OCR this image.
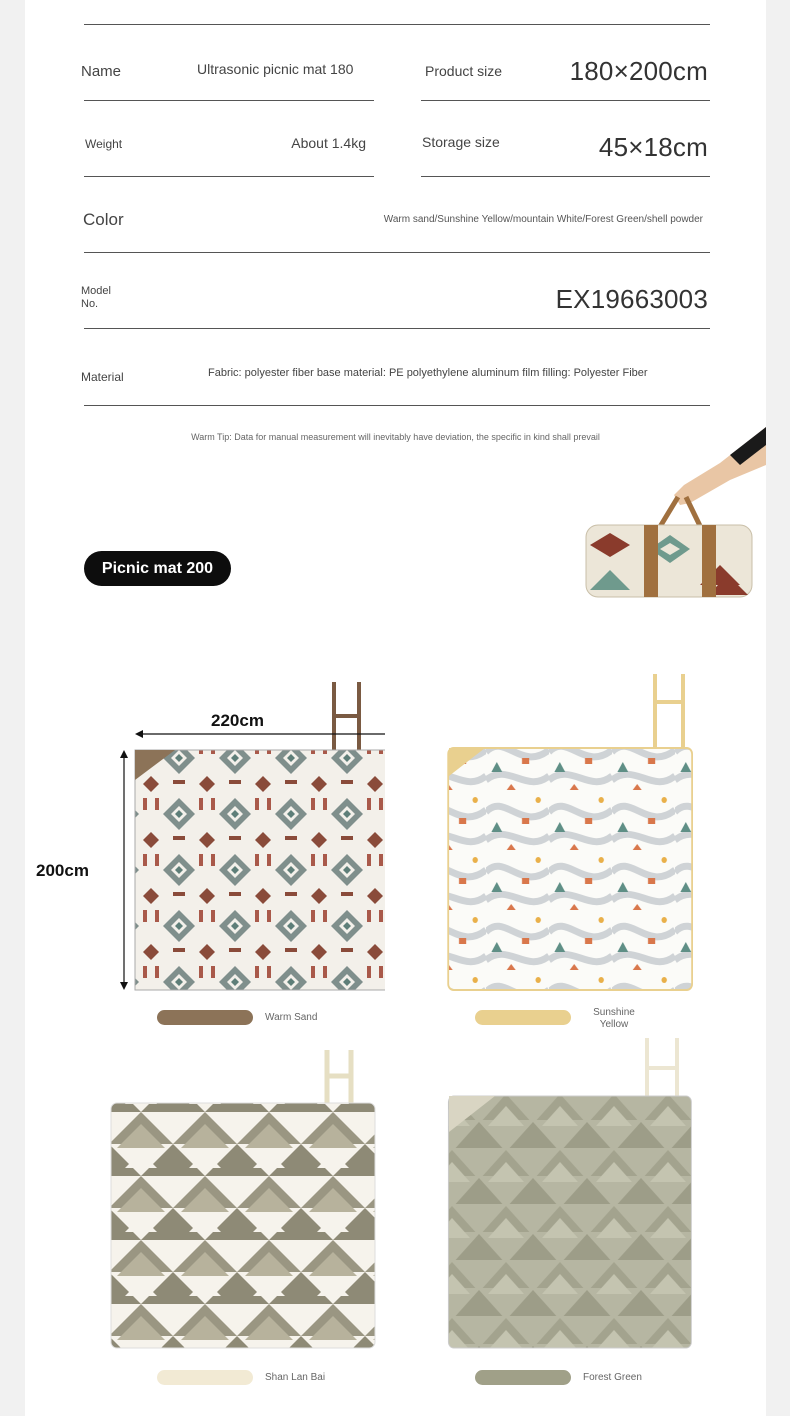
Name	Ultrasonic picnic mat 180	Product size	180×200cm
Weight	About 1.4kg	Storage size	45×18cm
Color	Warm sand/Sunshine Yellow/mountain White/Forest Green/shell powder
Model
No.	EX19663003
Material	Fabric: polyester fiber base material: PE polyethylene aluminum film filling: Polyester Fiber
Warm Tip: Data for manual measurement will inevitably have deviation, the specific in kind shall prevail
Picnic mat 200
220cm
200cm
Warm Sand	Sunshine
Yellow
Shan Lan Bai	Forest Green
